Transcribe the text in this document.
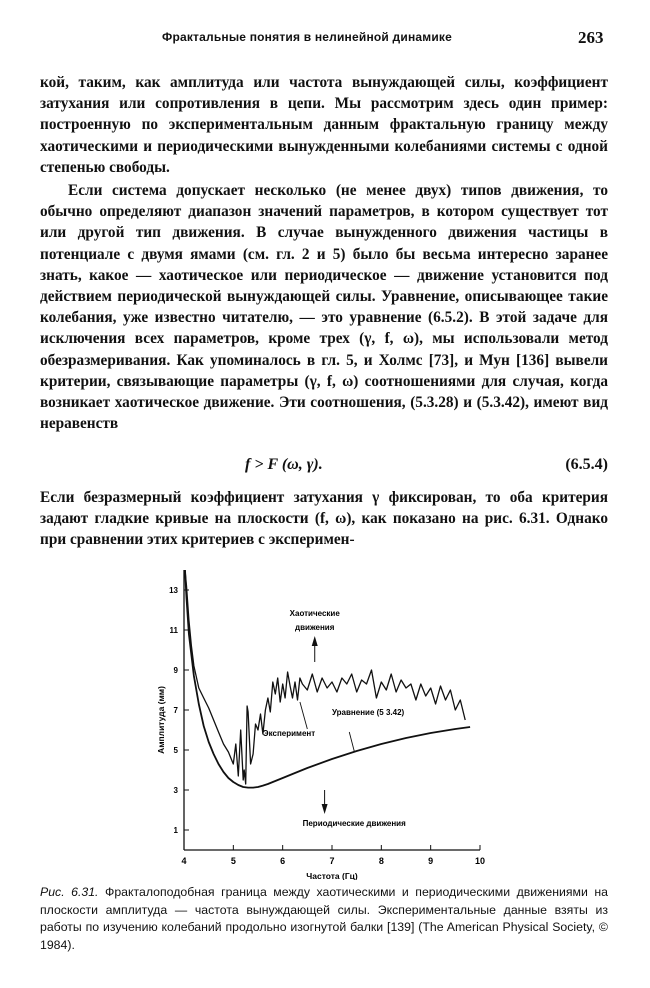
Фрактальные понятия в нелинейной динамике	263

кой, таким, как амплитуда или частота вынуждающей силы, коэффициент затухания или сопротивления в цепи. Мы рассмотрим здесь один пример: построенную по экспериментальным данным фрактальную границу между хаотическими и периодическими вынужденными колебаниями системы с одной степенью свободы.

Если система допускает несколько (не менее двух) типов движения, то обычно определяют диапазон значений параметров, в котором существует тот или другой тип движения. В случае вынужденного движения частицы в потенциале с двумя ямами (см. гл. 2 и 5) было бы весьма интересно заранее знать, какое — хаотическое или периодическое — движение установится под действием периодической вынуждающей силы. Уравнение, описывающее такие колебания, уже известно читателю, — это уравнение (6.5.2). В этой задаче для исключения всех параметров, кроме трех (γ, f, ω), мы использовали метод обезразмеривания. Как упоминалось в гл. 5, и Холмс [73], и Мун [136] вывели критерии, связывающие параметры (γ, f, ω) соотношениями для случая, когда возникает хаотическое движение. Эти соотношения, (5.3.28) и (5.3.42), имеют вид неравенств

f > F (ω, γ).	(6.5.4)

Если безразмерный коэффициент затухания γ фиксирован, то оба критерия задают гладкие кривые на плоскости (f, ω), как показано на рис. 6.31. Однако при сравнении этих критериев с эксперимен-

4	5	6	7	8	9	10
1
3
5
7
9
11
13
Частота (Гц)
Амплитуда (мм)
Хаотические
движения
Периодические движения
Уравнение (5 3.42)
Эксперимент
Рис. 6.31. Фракталоподобная граница между хаотическими и периодическими движениями на плоскости амплитуда — частота вынуждающей силы. Экспериментальные данные взяты из работы по изучению колебаний продольно изогнутой балки [139] (The American Physical Society, © 1984).
